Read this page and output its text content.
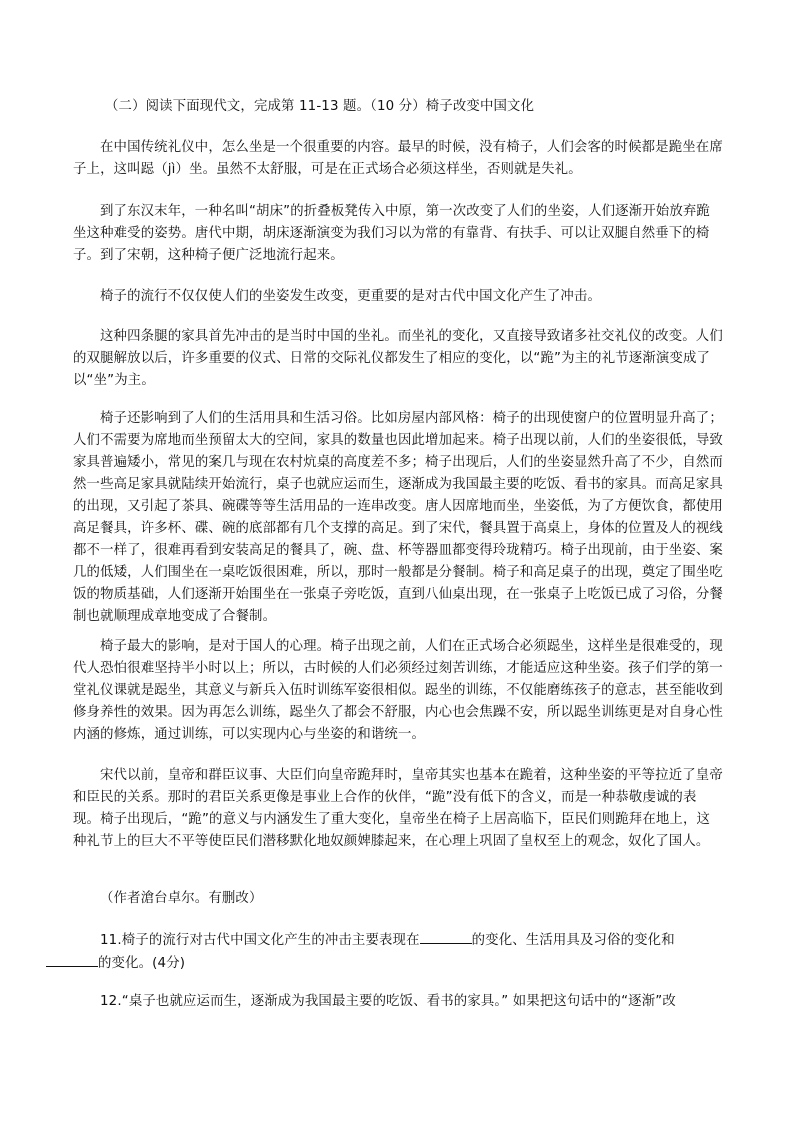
（二）阅读下面现代文，完成第 11-13 题。（10 分）椅子改变中国文化

在中国传统礼仪中，怎么坐是一个很重要的内容。最早的时候，没有椅子，人们会客的时候都是跪坐在席子上，这叫跽（jì）坐。虽然不太舒服，可是在正式场合必须这样坐，否则就是失礼。

到了东汉末年，一种名叫“胡床”的折叠板凳传入中原，第一次改变了人们的坐姿，人们逐渐开始放弃跪坐这种难受的姿势。唐代中期，胡床逐渐演变为我们习以为常的有靠背、有扶手、可以让双腿自然垂下的椅子。到了宋朝，这种椅子便广泛地流行起来。

椅子的流行不仅仅使人们的坐姿发生改变，更重要的是对古代中国文化产生了冲击。

这种四条腿的家具首先冲击的是当时中国的坐礼。而坐礼的变化，又直接导致诸多社交礼仪的改变。人们的双腿解放以后，许多重要的仪式、日常的交际礼仪都发生了相应的变化，以“跪”为主的礼节逐渐演变成了以“坐”为主。

椅子还影响到了人们的生活用具和生活习俗。比如房屋内部风格：椅子的出现使窗户的位置明显升高了；人们不需要为席地而坐预留太大的空间，家具的数量也因此增加起来。椅子出现以前，人们的坐姿很低，导致家具普遍矮小，常见的案几与现在农村炕桌的高度差不多；椅子出现后，人们的坐姿显然升高了不少，自然而然一些高足家具就陆续开始流行，桌子也就应运而生，逐渐成为我国最主要的吃饭、看书的家具。而高足家具的出现，又引起了茶具、碗碟等等生活用品的一连串改变。唐人因席地而坐，坐姿低，为了方便饮食，都使用高足餐具，许多杯、碟、碗的底部都有几个支撑的高足。到了宋代，餐具置于高桌上，身体的位置及人的视线都不一样了，很难再看到安装高足的餐具了，碗、盘、杯等器皿都变得玲珑精巧。椅子出现前，由于坐姿、案几的低矮，人们围坐在一桌吃饭很困难，所以，那时一般都是分餐制。椅子和高足桌子的出现，奠定了围坐吃饭的物质基础，人们逐渐开始围坐在一张桌子旁吃饭，直到八仙桌出现，在一张桌子上吃饭已成了习俗，分餐制也就顺理成章地变成了合餐制。

椅子最大的影响，是对于国人的心理。椅子出现之前，人们在正式场合必须跽坐，这样坐是很难受的，现代人恐怕很难坚持半小时以上；所以，古时候的人们必须经过刻苦训练，才能适应这种坐姿。孩子们学的第一堂礼仪课就是跽坐，其意义与新兵入伍时训练军姿很相似。跽坐的训练，不仅能磨练孩子的意志，甚至能收到修身养性的效果。因为再怎么训练，跽坐久了都会不舒服，内心也会焦躁不安，所以跽坐训练更是对自身心性内涵的修炼，通过训练，可以实现内心与坐姿的和谐统一。

宋代以前，皇帝和群臣议事、大臣们向皇帝跪拜时，皇帝其实也基本在跪着，这种坐姿的平等拉近了皇帝和臣民的关系。那时的君臣关系更像是事业上合作的伙伴，“跪”没有低下的含义，而是一种恭敬虔诚的表现。椅子出现后，“跪”的意义与内涵发生了重大变化，皇帝坐在椅子上居高临下，臣民们则跪拜在地上，这种礼节上的巨大不平等使臣民们潜移默化地奴颜婢膝起来，在心理上巩固了皇权至上的观念，奴化了国人。

（作者滄台卓尔。有删改）

11.椅子的流行对古代中国文化产生的冲击主要表现在	的变化、生活用具及习俗的变化和
的变化。(4分)

12.“桌子也就应运而生，逐渐成为我国最主要的吃饭、看书的家具。” 如果把这句话中的“逐渐”改
